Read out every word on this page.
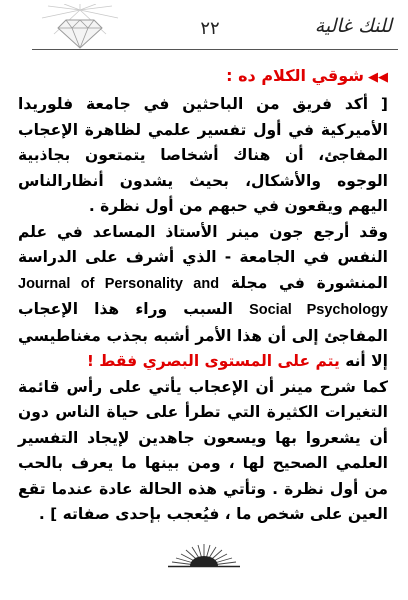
٢٢	للنك غالية

◀◀شوقي الكلام ده :

[ أكد فريق من الباحثين في جامعة فلوريدا الأميركية في أول تفسير علمي لظاهرة الإعجاب المفاجئ، أن هناك أشخاصا يتمتعون بجاذبية الوجوه والأشكال، بحيث يشدون أنظارالناس اليهم ويقعون في حبهم من أول نظرة .

وقد أرجع جون مينر الأستاذ المساعد في علم النفس في الجامعة - الذي أشرف على الدراسة المنشورة في مجلة Journal of Personality and Social Psychology السبب وراء هذا الإعجاب المفاجئ إلى أن هذا الأمر أشبه بجذب مغناطيسي إلا أنه يتم على المستوى البصري فقط !

كما شرح مينر أن الإعجاب يأتي على رأس قائمة التغيرات الكثيرة التي تطرأ على حياة الناس دون أن يشعروا بها ويسعون جاهدين لإيجاد التفسير العلمي الصحيح لها ، ومن بينها ما يعرف بالحب من أول نظرة . وتأتي هذه الحالة عادة عندما تقع العين على شخص ما ، فيُعجب بإحدى صفاته ] .
